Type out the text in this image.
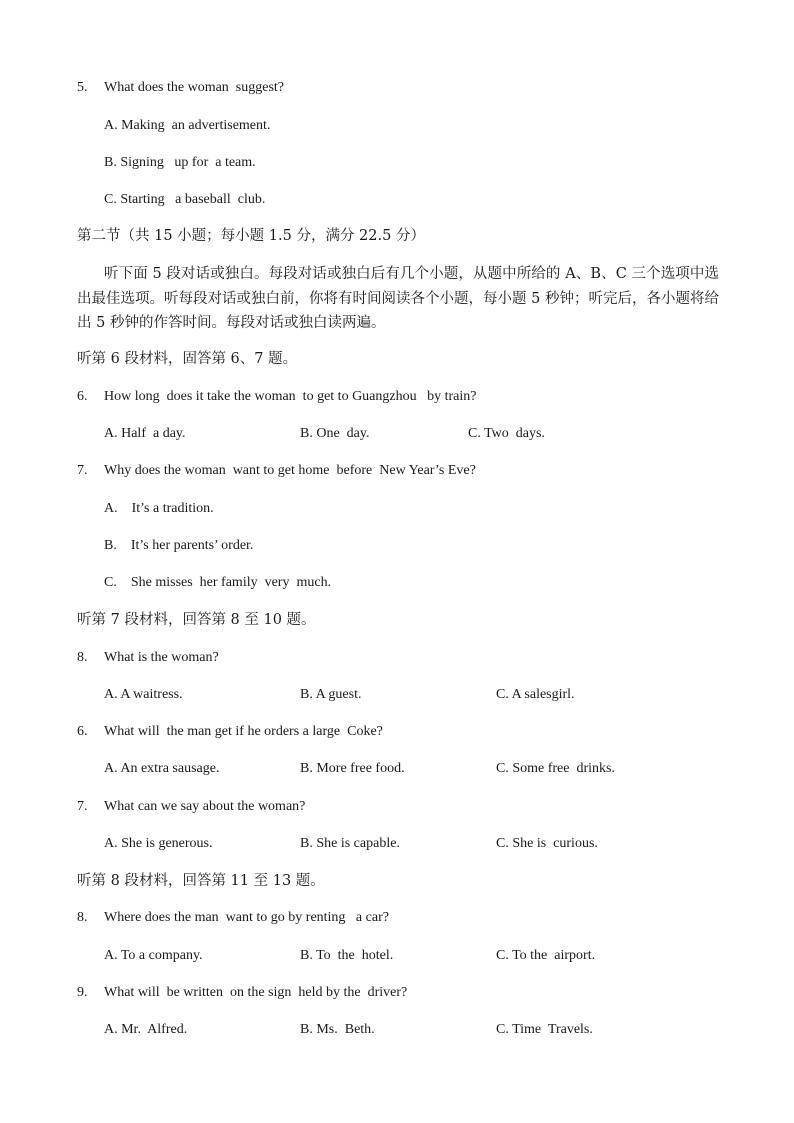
5. What does the woman  suggest?
A. Making  an advertisement.
B. Signing   up for  a team.
C. Starting   a baseball  club.
第二节（共 15 小题；每小题 1.5 分，满分 22.5 分）
听下面 5 段对话或独白。每段对话或独白后有几个小题，从题中所给的 A、B、C 三个选项中选出最佳选项。听每段对话或独白前，你将有时间阅读各个小题，每小题 5 秒钟；听完后，各小题将给出 5 秒钟的作答时间。每段对话或独白读两遍。
听第 6 段材料，固答第 6、7 题。
6. How long  does it take the woman  to get to Guangzhou   by train?
A. Half  a day.	B. One  day.	C. Two  days.
7. Why does the woman  want to get home  before  New Year’s Eve?
A.    It’s a tradition.
B.    It’s her parents’ order.
C.    She misses  her family  very  much.
听第 7 段材料，回答第 8 至 10 题。
8. What is the woman?
A. A waitress.	B. A guest.	C. A salesgirl.
6. What will  the man get if he orders a large  Coke?
A. An extra sausage.	B. More free food.	C. Some free  drinks.
7. What can we say about the woman?
A. She is generous.	B. She is capable.	C. She is  curious.
听第 8 段材料，回答第 11 至 13 题。
8. Where does the man  want to go by renting   a car?
A. To a company.	B. To  the  hotel.	C. To the  airport.
9. What will  be written  on the sign  held by the  driver?
A. Mr.  Alfred.	B. Ms.  Beth.	C. Time  Travels.
